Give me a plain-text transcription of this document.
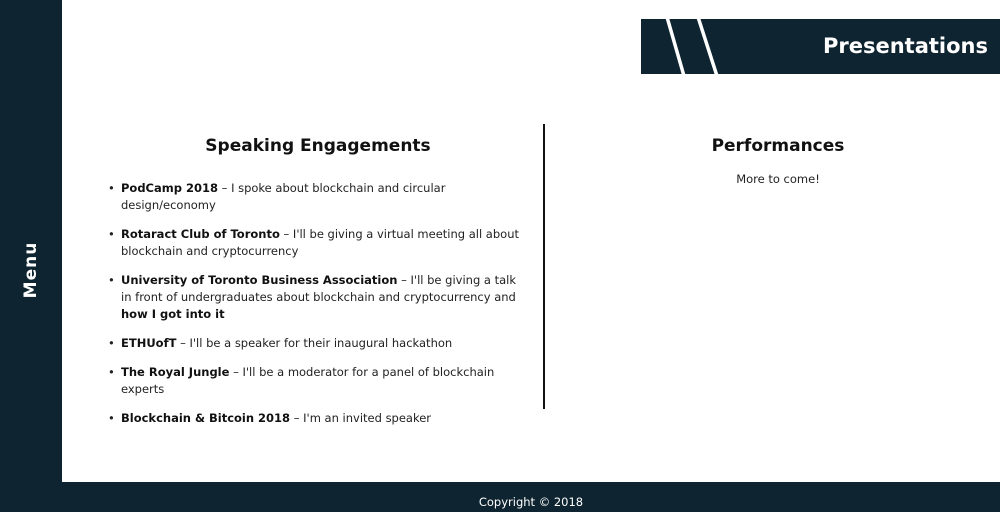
Menu
Presentations
Speaking Engagements
• PodCamp 2018 – I spoke about blockchain and circular design/economy
• Rotaract Club of Toronto – I'll be giving a virtual meeting all about blockchain and cryptocurrency
• University of Toronto Business Association – I'll be giving a talk in front of undergraduates about blockchain and cryptocurrency and how I got into it
• ETHUofT – I'll be a speaker for their inaugural hackathon
• The Royal Jungle – I'll be a moderator for a panel of blockchain experts
• Blockchain & Bitcoin 2018 – I'm an invited speaker
Performances

More to come!

Copyright © 2018
